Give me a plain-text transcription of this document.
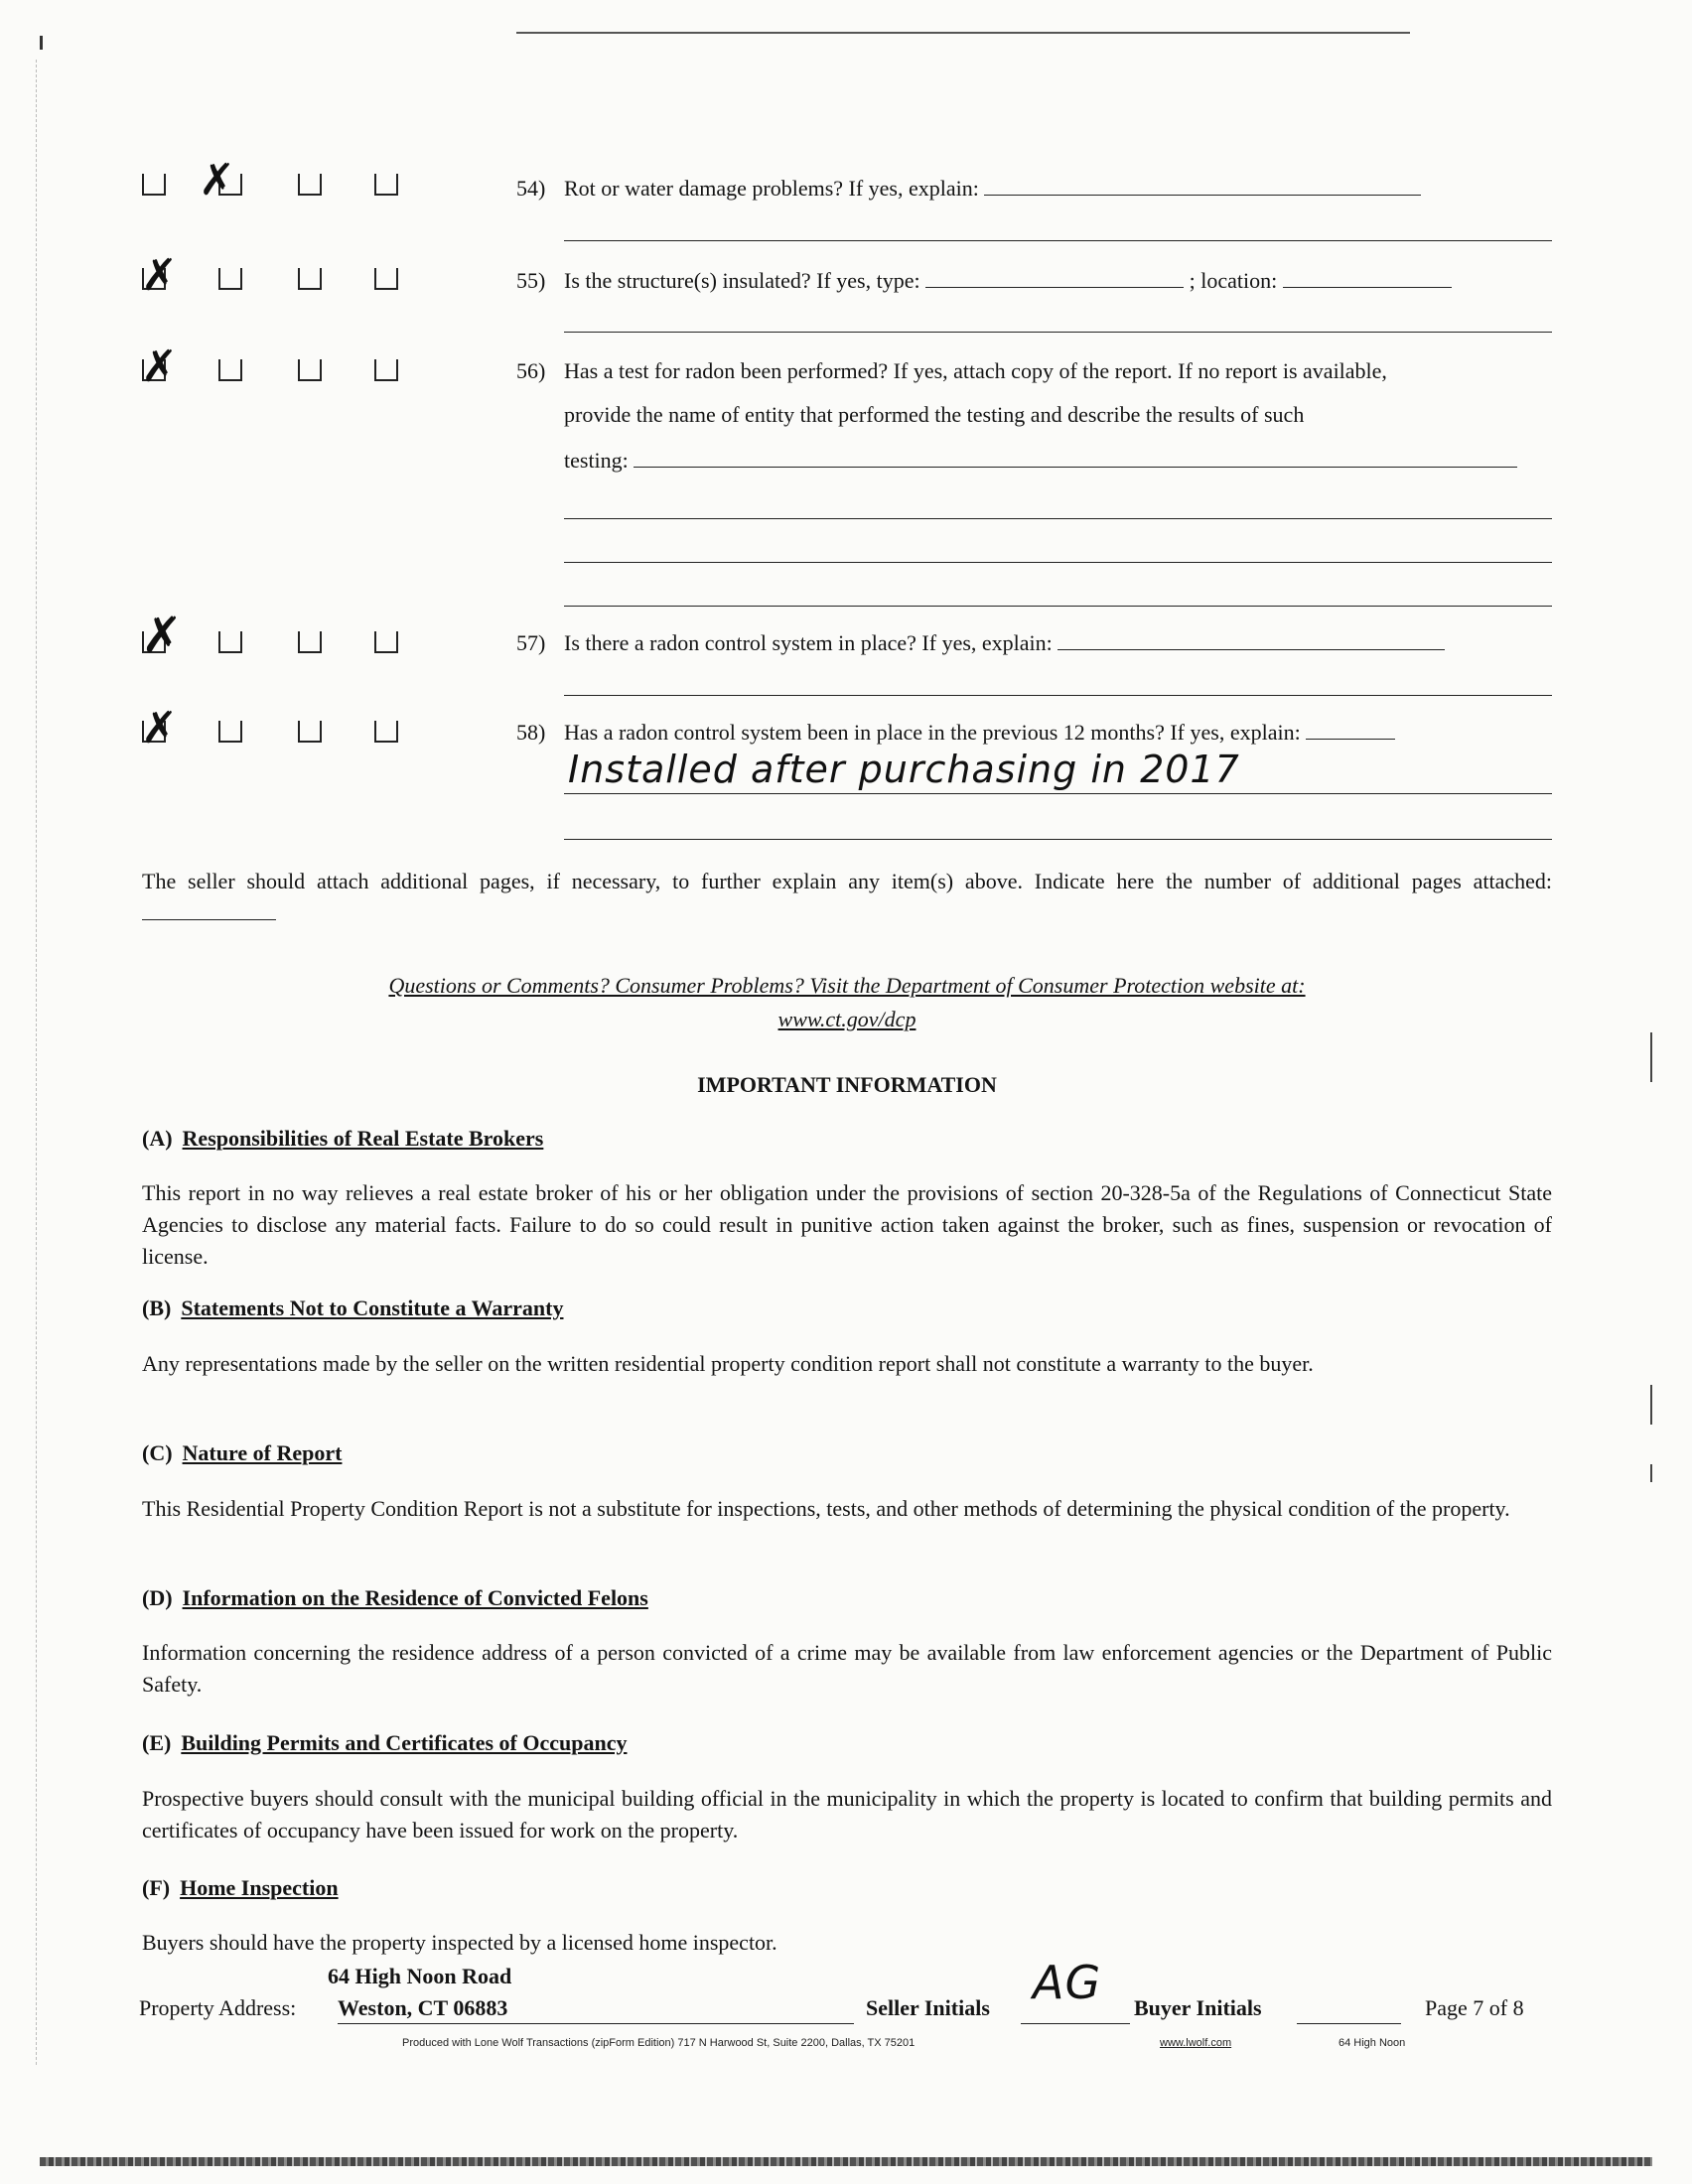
✗	54) Rot or water damage problems? If yes, explain:
✗	55) Is the structure(s) insulated? If yes, type:	; location:
✗	56) Has a test for radon been performed? If yes, attach copy of the report. If no report is available,
provide the name of entity that performed the testing and describe the results of such
testing:
✗	57) Is there a radon control system in place? If yes, explain:
✗	58) Has a radon control system been in place in the previous 12 months? If yes, explain:
Installed after purchasing in 2017
The seller should attach additional pages, if necessary, to further explain any item(s) above. Indicate here the number of additional pages attached:
Questions or Comments? Consumer Problems? Visit the Department of Consumer Protection website at:
www.ct.gov/dcp
IMPORTANT INFORMATION
(A) Responsibilities of Real Estate Brokers
This report in no way relieves a real estate broker of his or her obligation under the provisions of section 20-328-5a of the Regulations of Connecticut State Agencies to disclose any material facts. Failure to do so could result in punitive action taken against the broker, such as fines, suspension or revocation of license.
(B) Statements Not to Constitute a Warranty
Any representations made by the seller on the written residential property condition report shall not constitute a warranty to the buyer.
(C) Nature of Report
This Residential Property Condition Report is not a substitute for inspections, tests, and other methods of determining the physical condition of the property.
(D) Information on the Residence of Convicted Felons
Information concerning the residence address of a person convicted of a crime may be available from law enforcement agencies or the Department of Public Safety.
(E) Building Permits and Certificates of Occupancy
Prospective buyers should consult with the municipal building official in the municipality in which the property is located to confirm that building permits and certificates of occupancy have been issued for work on the property.
(F) Home Inspection
Buyers should have the property inspected by a licensed home inspector.
64 High Noon Road
Property Address: Weston, CT 06883	Seller Initials AG Buyer Initials	Page 7 of 8
Produced with Lone Wolf Transactions (zipForm Edition) 717 N Harwood St, Suite 2200, Dallas, TX 75201	www.lwolf.com	64 High Noon
